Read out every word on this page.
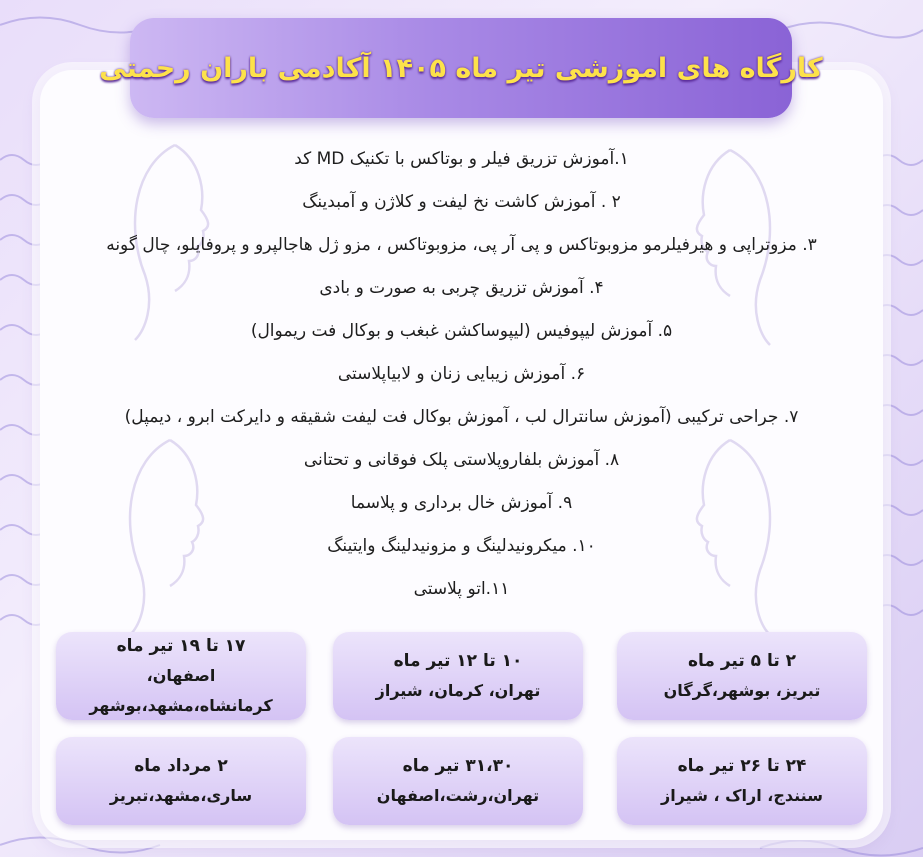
کارگاه های اموزشی تیر ماه ۱۴۰۵ آکادمی باران رحمتی
۱.آموزش تزریق فیلر و بوتاکس با تکنیک MD کد
۲ . آموزش کاشت نخ لیفت و کلاژن و آمبدینگ
۳. مزوتراپی و هیرفیلرمو مزوبوتاکس و پی آر پی، مزوبوتاکس ، مزو ژل هاجالپرو و پروفایلو، چال گونه
۴. آموزش تزریق چربی به صورت و بادی
۵. آموزش لیپوفیس (لیپوساکشن غبغب و بوکال فت ریموال)
۶. آموزش زیبایی زنان و لابیاپلاستی
۷. جراحی ترکیبی (آموزش سانترال لب ، آموزش بوکال فت لیفت شقیقه و دایرکت ابرو ، دیمپل)
۸. آموزش بلفاروپلاستی پلک فوقانی و تحتانی
۹. آموزش خال برداری و پلاسما
۱۰. میکرونیدلینگ و مزونیدلینگ وایتینگ
۱۱.اتو پلاستی
۲ تا ۵ تیر ماه
تبریز، بوشهر،گرگان
۱۰ تا ۱۲ تیر ماه
تهران، کرمان، شیراز
۱۷ تا ۱۹ تیر ماه
اصفهان، کرمانشاه،مشهد،بوشهر
۲۴ تا ۲۶ تیر ماه
سنندج، اراک ، شیراز
۳۱،۳۰ تیر ماه
تهران،رشت،اصفهان
۲ مرداد ماه
ساری،مشهد،تبریز
